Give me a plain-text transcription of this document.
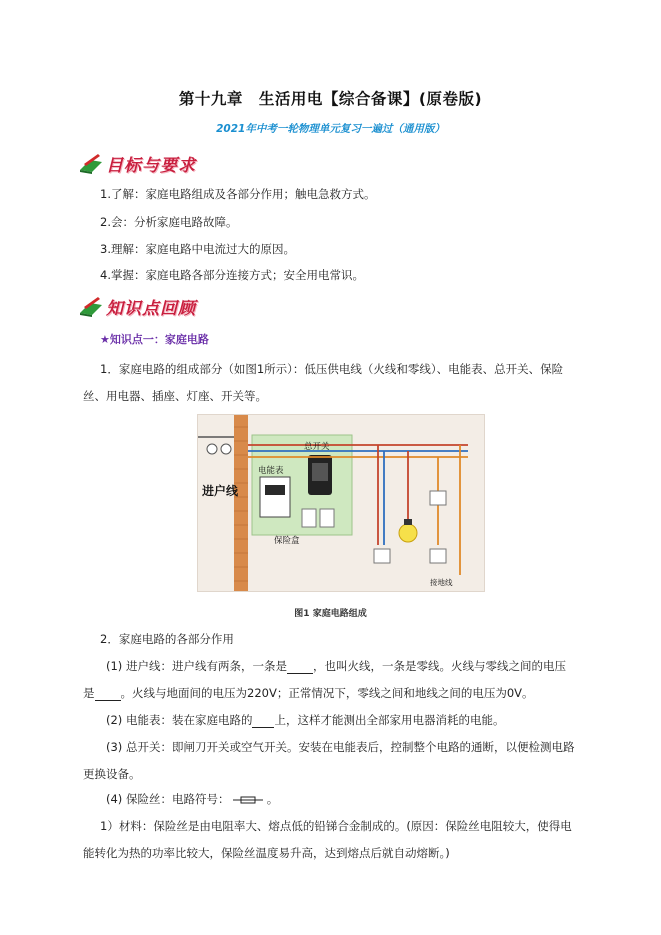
第十九章　生活用电【综合备课】(原卷版)
2021年中考一轮物理单元复习一遍过（通用版）
目标与要求
1.了解：家庭电路组成及各部分作用；触电急救方式。
2.会：分析家庭电路故障。
3.理解：家庭电路中电流过大的原因。
4.掌握：家庭电路各部分连接方式；安全用电常识。
知识点回顾
★知识点一：家庭电路
1．家庭电路的组成部分（如图1所示）：低压供电线（火线和零线）、电能表、总开关、保险
丝、用电器、插座、灯座、开关等。
总开关
电能表
保险盒
进户线
接地线
图1 家庭电路组成
2．家庭电路的各部分作用
(1) 进户线：进户线有两条，一条是 ，也叫火线，一条是零线。火线与零线之间的电压
是 。火线与地面间的电压为220V；正常情况下，零线之间和地线之间的电压为0V。
(2) 电能表：装在家庭电路的 上，这样才能测出全部家用电器消耗的电能。
(3) 总开关：即闸刀开关或空气开关。安装在电能表后，控制整个电路的通断，以便检测电路
更换设备。
(4) 保险丝：电路符号：	。
1）材料：保险丝是由电阻率大、熔点低的铅锑合金制成的。(原因：保险丝电阻较大，使得电
能转化为热的功率比较大，保险丝温度易升高，达到熔点后就自动熔断。)
